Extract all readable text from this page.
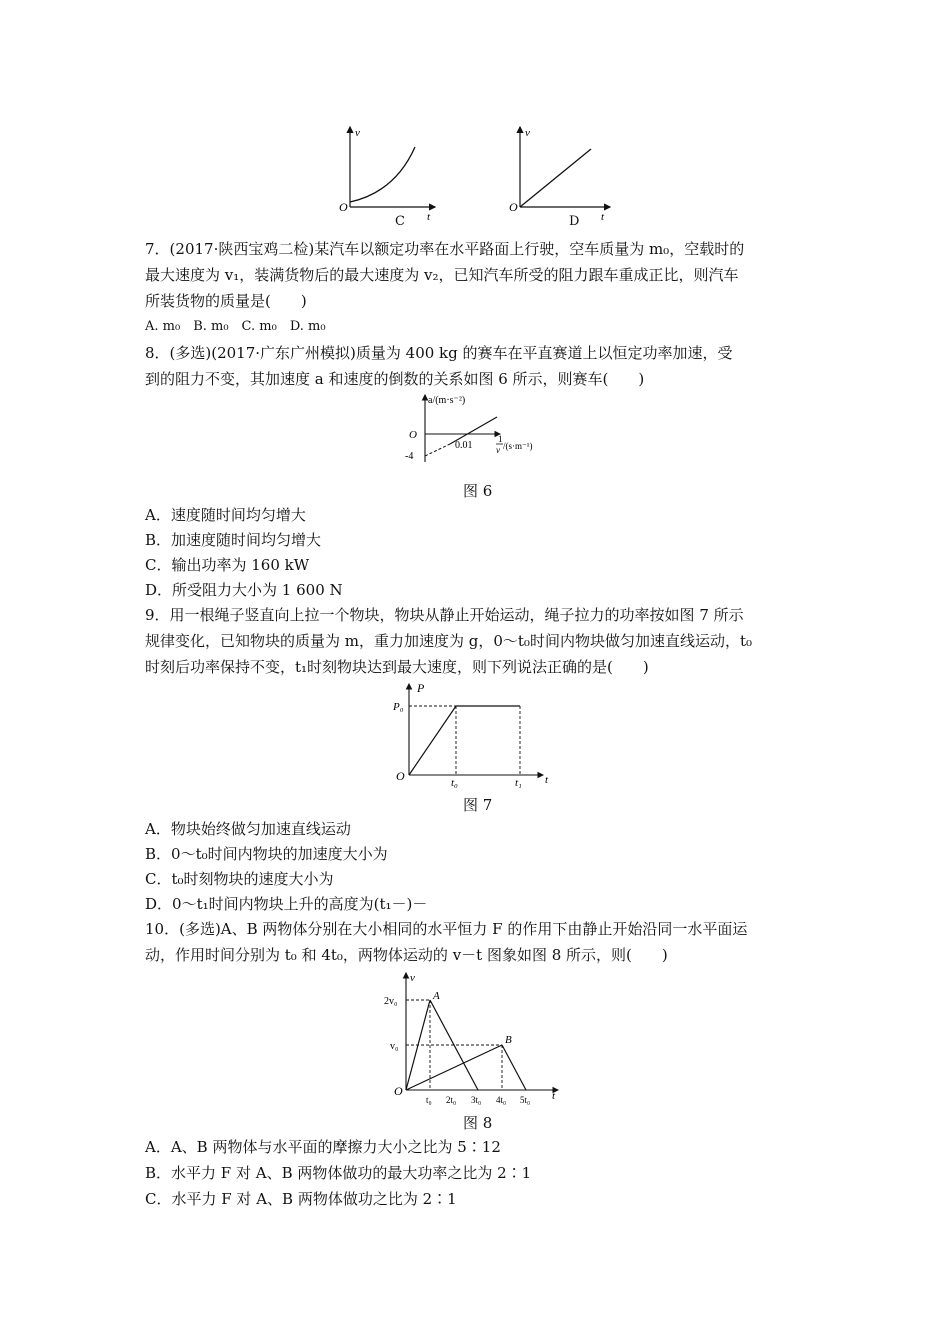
v
t
O
C
v
t
O
D
7．(2017·陕西宝鸡二检)某汽车以额定功率在水平路面上行驶，空车质量为 m₀，空载时的
最大速度为 v₁，装满货物后的最大速度为 v₂，已知汽车所受的阻力跟车重成正比，则汽车
所装货物的质量是(　　)
A. m₀　B. m₀　C. m₀　D. m₀
8．(多选)(2017·广东广州模拟)质量为 400 kg 的赛车在平直赛道上以恒定功率加速，受
到的阻力不变，其加速度 a 和速度的倒数的关系如图 6 所示，则赛车(　　)
a/(m·s⁻²)
O
-4
0.01
1
v /(s·m⁻¹)
图 6
A．速度随时间均匀增大
B．加速度随时间均匀增大
C．输出功率为 160 kW
D．所受阻力大小为 1 600 N
9．用一根绳子竖直向上拉一个物块，物块从静止开始运动，绳子拉力的功率按如图 7 所示
规律变化，已知物块的质量为 m，重力加速度为 g，0～t₀时间内物块做匀加速直线运动，t₀
时刻后功率保持不变，t₁时刻物块达到最大速度，则下列说法正确的是(　　)
P
P₀
O	t₀	t₁ t
图 7
A．物块始终做匀加速直线运动
B．0～t₀时间内物块的加速度大小为
C．t₀时刻物块的速度大小为
D．0～t₁时间内物块上升的高度为(t₁－)－
10．(多选)A、B 两物体分别在大小相同的水平恒力 F 的作用下由静止开始沿同一水平面运
动，作用时间分别为 t₀ 和 4t₀，两物体运动的 v－t 图象如图 8 所示，则(　　)
v
2v₀
v₀
O
A
B
t₀ 2t₀ 3t₀ 4t₀ 5t₀ t
图 8
A．A、B 两物体与水平面的摩擦力大小之比为 5∶12
B．水平力 F 对 A、B 两物体做功的最大功率之比为 2∶1
C．水平力 F 对 A、B 两物体做功之比为 2∶1
